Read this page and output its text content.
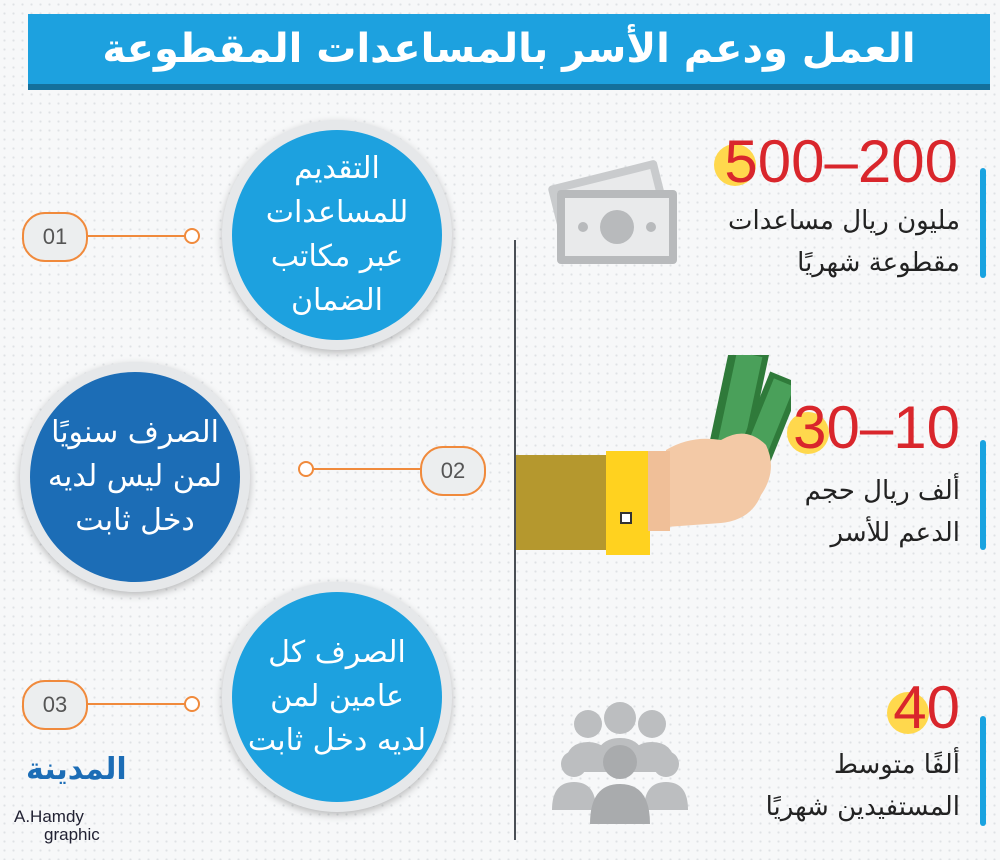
العمل ودعم الأسر بالمساعدات المقطوعة
500–200
مليون ريال مساعدات
مقطوعة شهريًا
30–10
ألف ريال حجم
الدعم للأسر
40
ألفًا متوسط
المستفيدين شهريًا
01
التقديم
للمساعدات
عبر مكاتب
الضمان
الصرف سنويًا
لمن ليس لديه
دخل ثابت
02
03
الصرف كل
عامين لمن
لديه دخل ثابت
المدينة
A.Hamdy
graphic
